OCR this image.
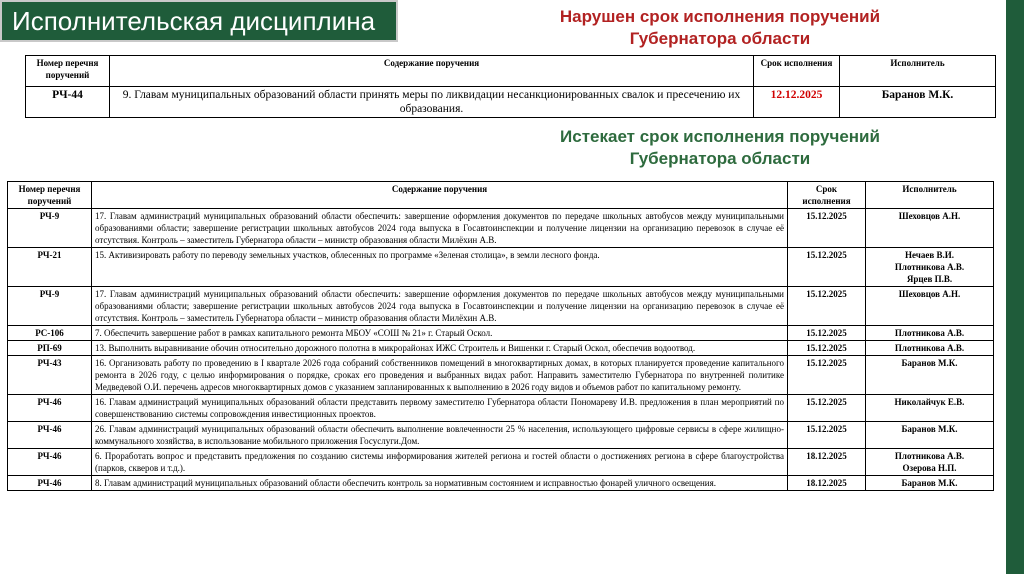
Исполнительская дисциплина	Нарушен срок исполнения поручений
Губернатора области
Номер перечня поручений	Содержание поручения	Срок исполнения	Исполнитель
РЧ-44	9. Главам муниципальных образований области принять меры по ликвидации несанкционированных свалок и пресечению их образования.	12.12.2025	Баранов М.К.
Истекает срок исполнения поручений
Губернатора области
Номер перечня поручений	Содержание поручения	Срок исполнения	Исполнитель
РЧ-9	17. Главам администраций муниципальных образований области обеспечить: завершение оформления документов по передаче школьных автобусов между муниципальными образованиями области; завершение регистрации школьных автобусов 2024 года выпуска в Госавтоинспекции и получение лицензии на организацию перевозок в случае её отсутствия. Контроль – заместитель Губернатора области – министр образования области Милёхин А.В.	15.12.2025	Шеховцов А.Н.
РЧ-21	15. Активизировать работу по переводу земельных участков, облесенных по программе «Зеленая столица», в земли лесного фонда.	15.12.2025	Нечаев В.И.
Плотникова А.В.
Ярцев П.В.
РЧ-9	17. Главам администраций муниципальных образований области обеспечить: завершение оформления документов по передаче школьных автобусов между муниципальными образованиями области; завершение регистрации школьных автобусов 2024 года выпуска в Госавтоинспекции и получение лицензии на организацию перевозок в случае её отсутствия. Контроль – заместитель Губернатора области – министр образования области Милёхин А.В.	15.12.2025	Шеховцов А.Н.
РС-106	7. Обеспечить завершение работ в рамках капитального ремонта МБОУ «СОШ № 21» г. Старый Оскол.	15.12.2025	Плотникова А.В.
РП-69	13. Выполнить выравнивание обочин относительно дорожного полотна в микрорайонах ИЖС Строитель и Вишенки г. Старый Оскол, обеспечив водоотвод.	15.12.2025	Плотникова А.В.
РЧ-43	16. Организовать работу по проведению в I квартале 2026 года собраний собственников помещений в многоквартирных домах, в которых планируется проведение капитального ремонта в 2026 году, с целью информирования о порядке, сроках его проведения и выбранных видах работ. Направить заместителю Губернатора по внутренней политике Медведевой О.И. перечень адресов многоквартирных домов с указанием запланированных к выполнению в 2026 году видов и объемов работ по капитальному ремонту.	15.12.2025	Баранов М.К.
РЧ-46	16. Главам администраций муниципальных образований области представить первому заместителю Губернатора области Пономареву И.В. предложения в план мероприятий по совершенствованию системы сопровождения инвестиционных проектов.	15.12.2025	Николайчук Е.В.
РЧ-46	26. Главам администраций муниципальных образований области обеспечить выполнение вовлеченности 25 % населения, использующего цифровые сервисы в сфере жилищно-коммунального хозяйства, в использование мобильного приложения Госуслуги.Дом.	15.12.2025	Баранов М.К.
РЧ-46	6. Проработать вопрос и представить предложения по созданию системы информирования жителей региона и гостей области о достижениях региона в сфере благоустройства (парков, скверов и т.д.).	18.12.2025	Плотникова А.В.
Озерова Н.П.
РЧ-46	8. Главам администраций муниципальных образований области обеспечить контроль за нормативным состоянием и исправностью фонарей уличного освещения.	18.12.2025	Баранов М.К.
